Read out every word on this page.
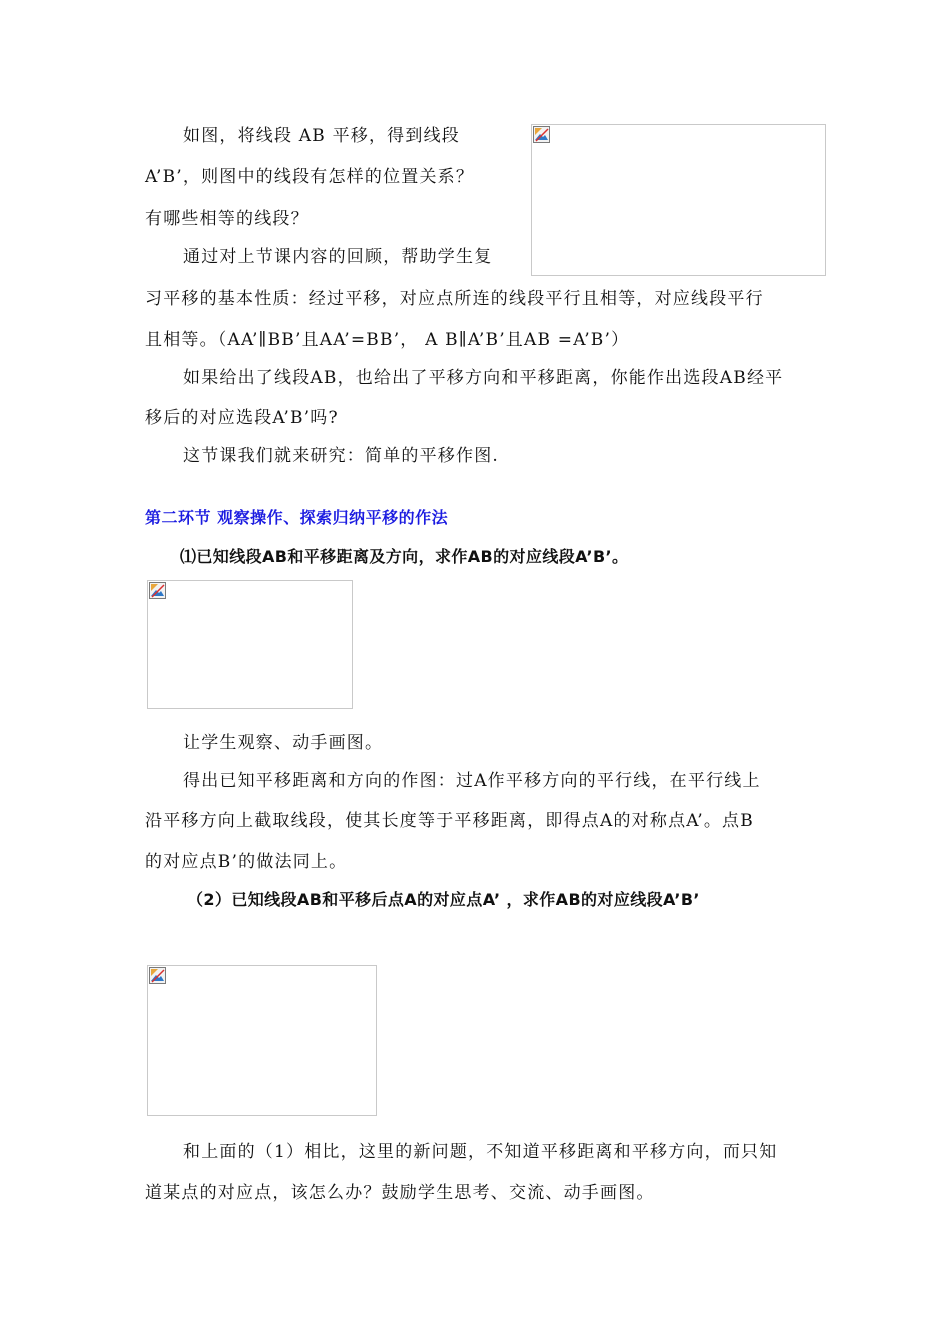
如图，将线段 AB 平移，得到线段
A’B’，则图中的线段有怎样的位置关系？
有哪些相等的线段？
通过对上节课内容的回顾，帮助学生复
习平移的基本性质：经过平移，对应点所连的线段平行且相等，对应线段平行
且相等。（AA’∥BB’且AA’=BB’， A B∥A’B’且AB =A’B’）
如果给出了线段AB，也给出了平移方向和平移距离，你能作出选段AB经平
移后的对应选段A’B’吗?
这节课我们就来研究：简单的平移作图.
第二环节 观察操作、探索归纳平移的作法
⑴已知线段AB和平移距离及方向，求作AB的对应线段A’B’。
让学生观察、动手画图。
得出已知平移距离和方向的作图：过A作平移方向的平行线，在平行线上
沿平移方向上截取线段，使其长度等于平移距离，即得点A的对称点A’。点B
的对应点B’的做法同上。
（2）已知线段AB和平移后点A的对应点A’ ，求作AB的对应线段A’B’
和上面的（1）相比，这里的新问题，不知道平移距离和平移方向，而只知
道某点的对应点，该怎么办？鼓励学生思考、交流、动手画图。
